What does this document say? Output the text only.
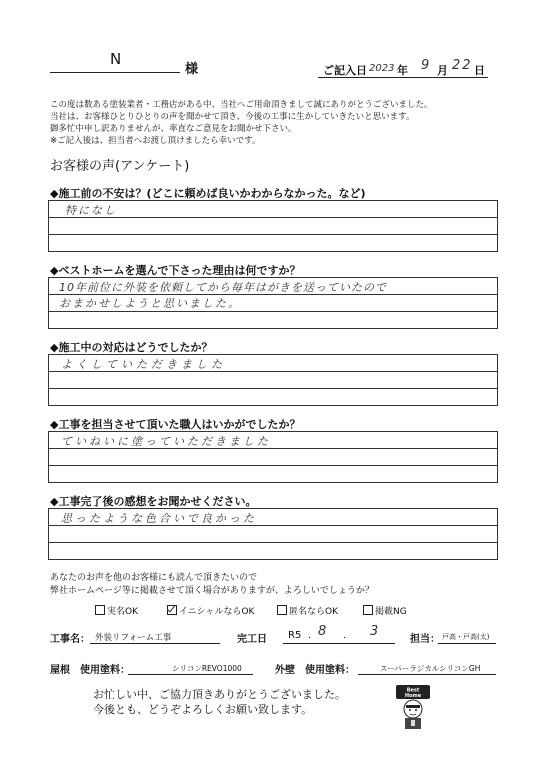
N
様	ご記入日 2023 年 9 月 22 日
この度は数ある塗装業者・工務店がある中、当社へご用命頂きまして誠にありがとうございました。
当社は、お客様ひとりひとりの声を聞かせて頂き、今後の工事に生かしていきたいと思います。
御多忙中申し訳ありませんが、率直なご意見をお聞かせ下さい。
※ご記入後は、担当者へお渡し頂けましたら幸いです。
お客様の声(アンケート)
◆施工前の不安は？(どこに頼めば良いかわからなかった。など)
特になし
◆ベストホームを選んで下さった理由は何ですか？
10年前位に外装を依頼してから毎年はがきを送っていたので
おまかせしようと思いました。
◆施工中の対応はどうでしたか？
よくしていただきました
◆工事を担当させて頂いた職人はいかがでしたか？
ていねいに塗っていただきました
◆工事完了後の感想をお聞かせください。
思ったような色合いで良かった
あなたのお声を他のお客様にも読んで頂きたいので
弊社ホームページ等に掲載させて頂く場合がありますが、よろしいでしょうか？
実名OK	イニシャルならOK	匿名ならOK	掲載NG
工事名： 外装リフォーム工事	完工日 R5 . 8 . 3
担当： 戸高・戸高(太)
屋根　使用塗料：	シリコンREVO1000	外壁　使用塗料：	スーパーラジカルシリコンGH
お忙しい中、ご協力頂きありがとうございました。
今後とも、どうぞよろしくお願い致します。
Best
Home
